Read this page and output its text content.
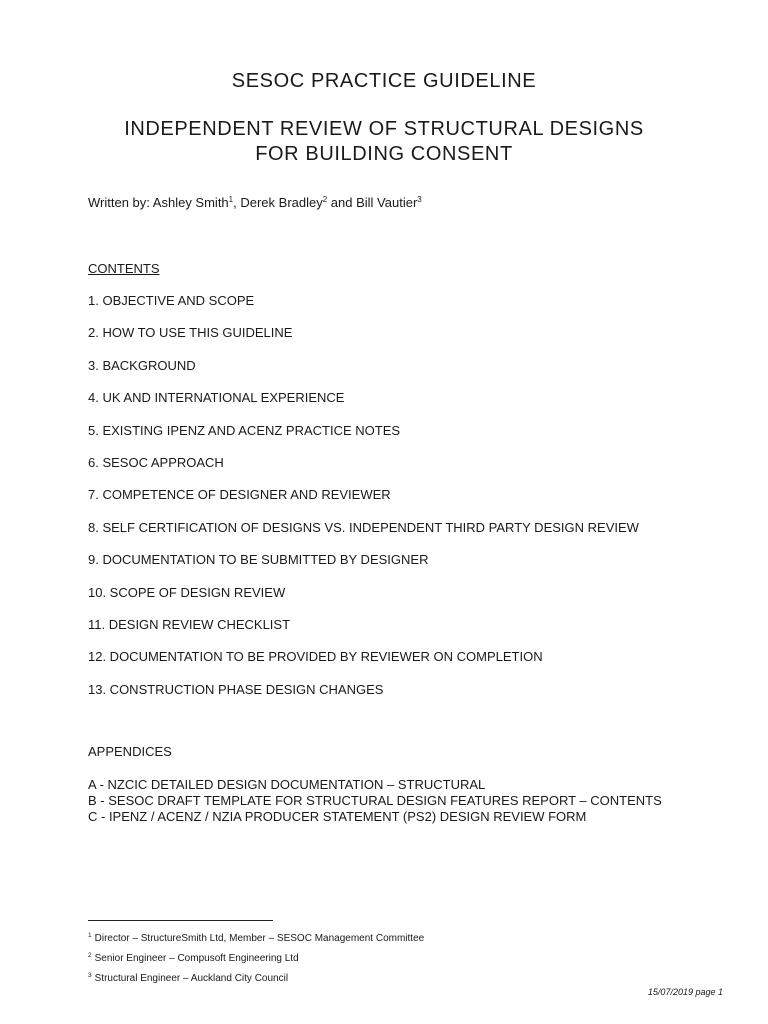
SESOC PRACTICE GUIDELINE
INDEPENDENT REVIEW OF STRUCTURAL DESIGNS
FOR BUILDING CONSENT
Written by: Ashley Smith$^1$, Derek Bradley$^2$ and Bill Vautier$^3$
CONTENTS
1. OBJECTIVE AND SCOPE
2. HOW TO USE THIS GUIDELINE
3. BACKGROUND
4. UK AND INTERNATIONAL EXPERIENCE
5. EXISTING IPENZ AND ACENZ PRACTICE NOTES
6. SESOC APPROACH
7. COMPETENCE OF DESIGNER AND REVIEWER
8. SELF CERTIFICATION OF DESIGNS VS. INDEPENDENT THIRD PARTY DESIGN REVIEW
9. DOCUMENTATION TO BE SUBMITTED BY DESIGNER
10. SCOPE OF DESIGN REVIEW
11. DESIGN REVIEW CHECKLIST
12. DOCUMENTATION TO BE PROVIDED BY REVIEWER ON COMPLETION
13. CONSTRUCTION PHASE DESIGN CHANGES
APPENDICES
A - NZCIC DETAILED DESIGN DOCUMENTATION – STRUCTURAL
B - SESOC DRAFT TEMPLATE FOR STRUCTURAL DESIGN FEATURES REPORT – CONTENTS
C - IPENZ / ACENZ / NZIA PRODUCER STATEMENT (PS2) DESIGN REVIEW FORM
$^1$ Director – StructureSmith Ltd, Member – SESOC Management Committee
$^2$ Senior Engineer – Compusoft Engineering Ltd
$^3$ Structural Engineer – Auckland City Council
15/07/2019 page 1
